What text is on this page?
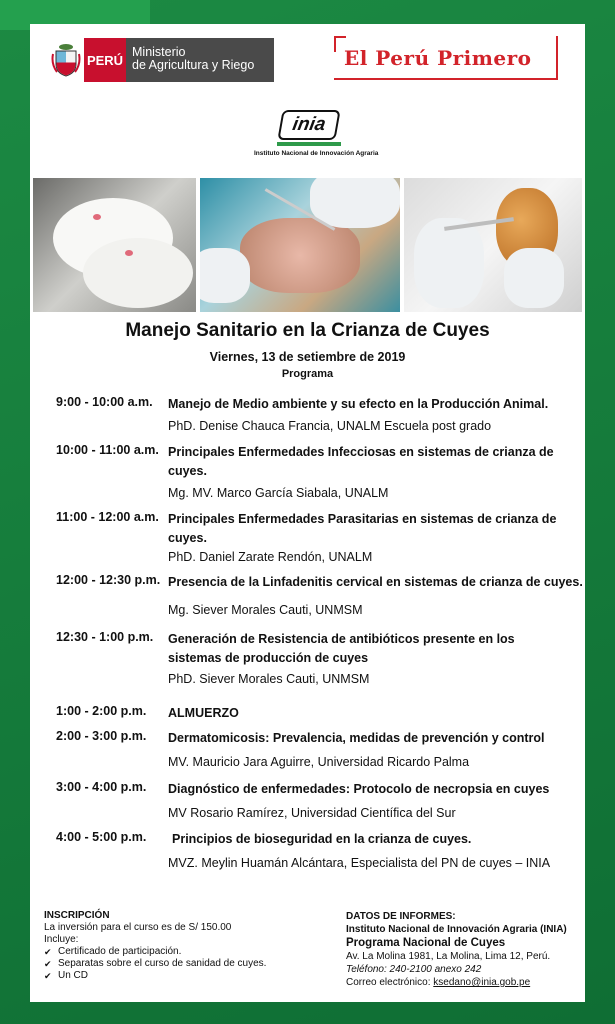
PERÚ
Ministerio
de Agricultura y Riego	El Perú Primero
inia
Instituto Nacional de Innovación Agraria
Manejo Sanitario en la Crianza de Cuyes
Viernes, 13 de setiembre de 2019
Programa
9:00 - 10:00 a.m. Manejo de Medio ambiente y su efecto en la Producción Animal.
PhD. Denise Chauca Francia, UNALM Escuela post grado
10:00 - 11:00 a.m. Principales Enfermedades Infecciosas en sistemas de crianza de cuyes.
Mg. MV. Marco García Siabala, UNALM
11:00 - 12:00 a.m. Principales Enfermedades Parasitarias en sistemas de crianza de cuyes.
PhD. Daniel Zarate Rendón, UNALM
12:00 - 12:30 p.m. Presencia de la Linfadenitis cervical en sistemas de crianza de cuyes.
Mg. Siever Morales Cauti, UNMSM
12:30 - 1:00 p.m. Generación de Resistencia de antibióticos presente en los sistemas de producción de cuyes
PhD. Siever Morales Cauti, UNMSM
1:00 - 2:00 p.m. ALMUERZO
2:00 - 3:00 p.m. Dermatomicosis: Prevalencia, medidas de prevención y control
MV. Mauricio Jara Aguirre, Universidad Ricardo Palma
3:00 - 4:00 p.m. Diagnóstico de enfermedades: Protocolo de necropsia en cuyes
MV Rosario Ramírez, Universidad Científica del Sur
4:00 - 5:00 p.m. Principios de bioseguridad en la crianza de cuyes.
MVZ. Meylin Huamán Alcántara, Especialista del PN de cuyes – INIA
INSCRIPCIÓN
La inversión para el curso es de S/ 150.00
Incluye:
✔ Certificado de participación.
✔ Separatas sobre el curso de sanidad de cuyes.
✔ Un CD
DATOS DE INFORMES:
Instituto Nacional de Innovación Agraria (INIA)
Programa Nacional de Cuyes
Av. La Molina 1981, La Molina, Lima 12, Perú.
Teléfono: 240-2100 anexo 242
Correo electrónico: ksedano@inia.gob.pe
